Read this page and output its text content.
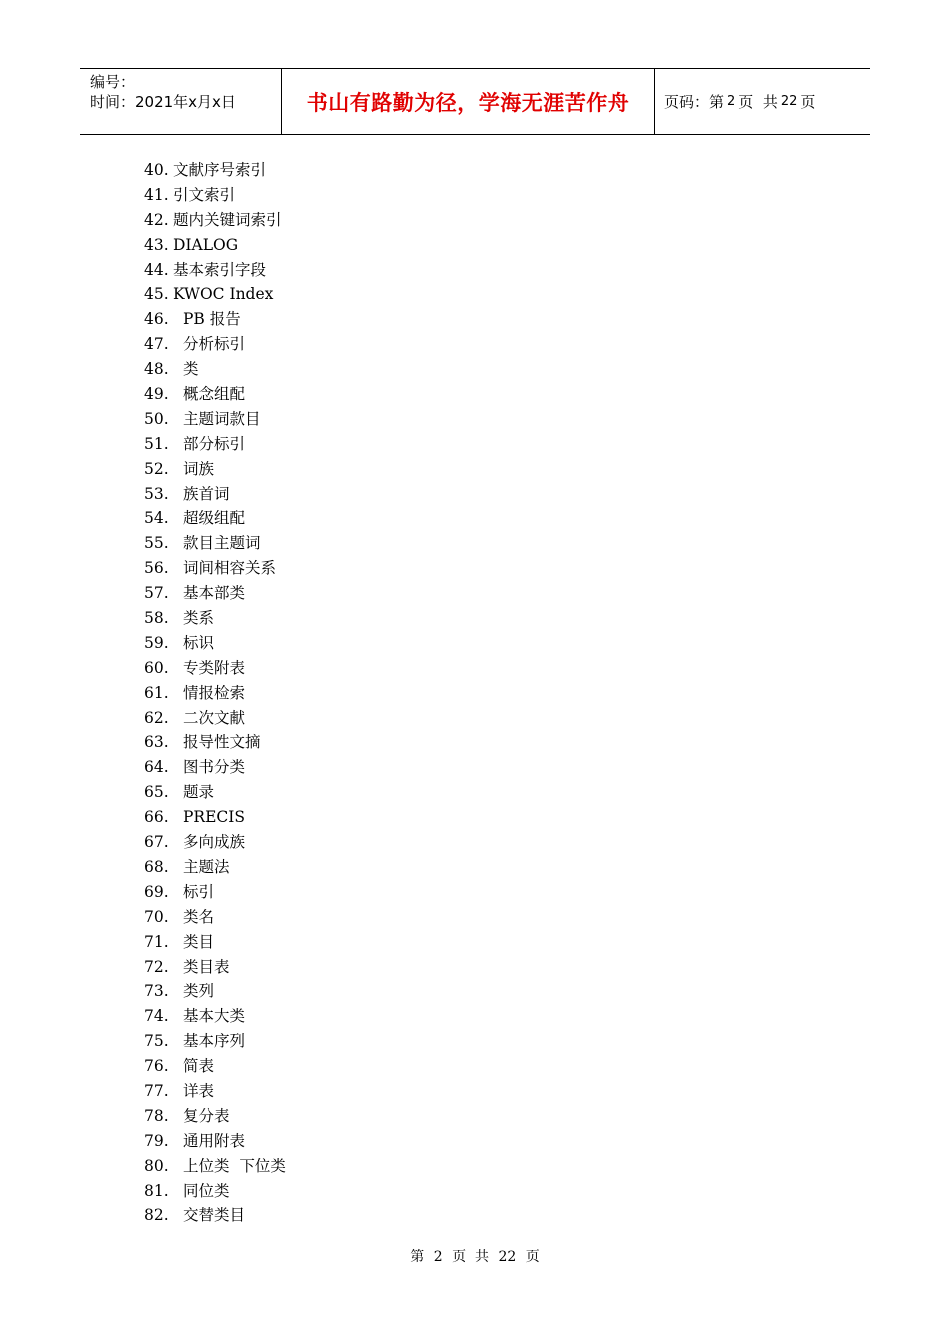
编号：
时间：2021年x月x日	书山有路勤为径，学海无涯苦作舟 页码：第 2 页  共 22 页
40. 文献序号索引
41. 引文索引
42. 题内关键词索引
43. DIALOG
44. 基本索引字段
45. KWOC Index
46. PB 报告
47. 分析标引
48. 类
49. 概念组配
50. 主题词款目
51. 部分标引
52. 词族
53. 族首词
54. 超级组配
55. 款目主题词
56. 词间相容关系
57. 基本部类
58. 类系
59. 标识
60. 专类附表
61. 情报检索
62. 二次文献
63. 报导性文摘
64. 图书分类
65. 题录
66. PRECIS
67. 多向成族
68. 主题法
69. 标引
70. 类名
71. 类目
72. 类目表
73. 类列
74. 基本大类
75. 基本序列
76. 简表
77. 详表
78. 复分表
79. 通用附表
80. 上位类  下位类
81. 同位类
82. 交替类目
第 2 页  共 22 页
